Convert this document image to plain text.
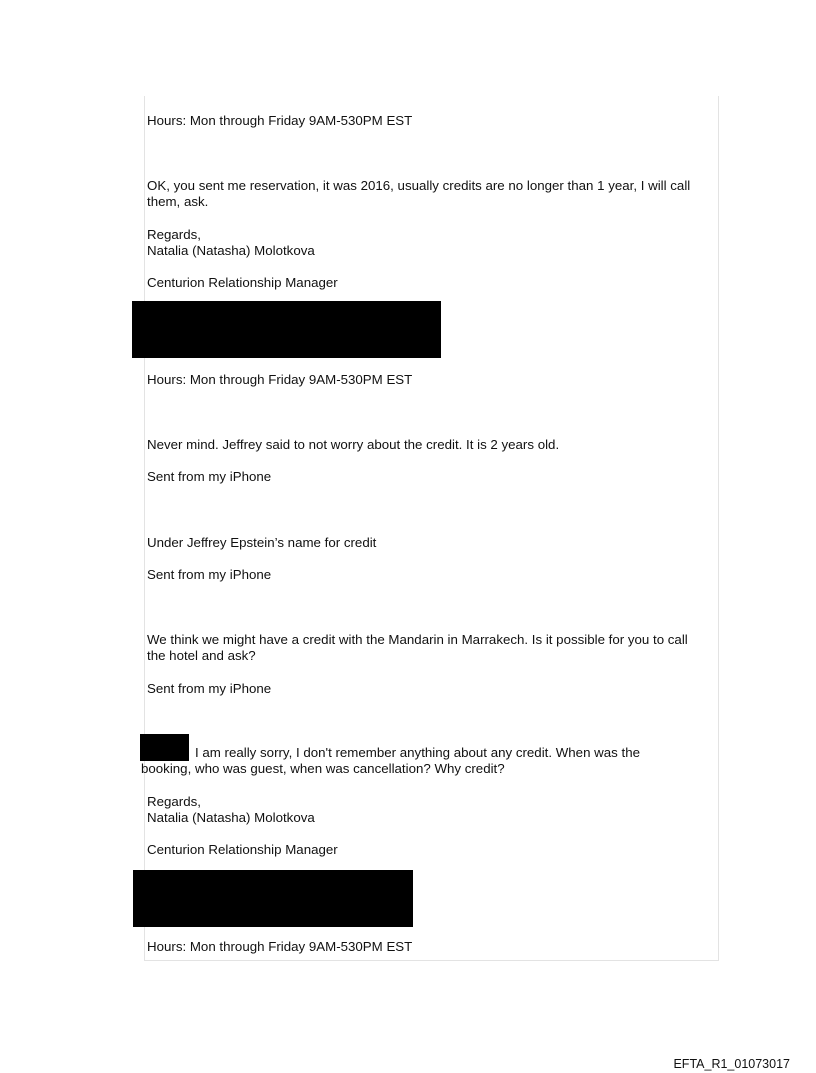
Hours: Mon through Friday 9AM-530PM EST

OK, you sent me reservation, it was 2016, usually credits are no longer than 1 year, I will call them, ask.

Regards,

Natalia (Natasha) Molotkova

Centurion Relationship Manager

Hours: Mon through Friday 9AM-530PM EST

Never mind. Jeffrey said to not worry about the credit. It is 2 years old.

Sent from my iPhone

Under Jeffrey Epstein’s name for credit

Sent from my iPhone

We think we might have a credit with the Mandarin in Marrakech. Is it possible for you to call the hotel and ask?

Sent from my iPhone

I am really sorry, I don't remember anything about any credit. When was the

booking, who was guest, when was cancellation? Why credit?

Regards,

Natalia (Natasha) Molotkova

Centurion Relationship Manager

Hours: Mon through Friday 9AM-530PM EST

EFTA_R1_01073017
